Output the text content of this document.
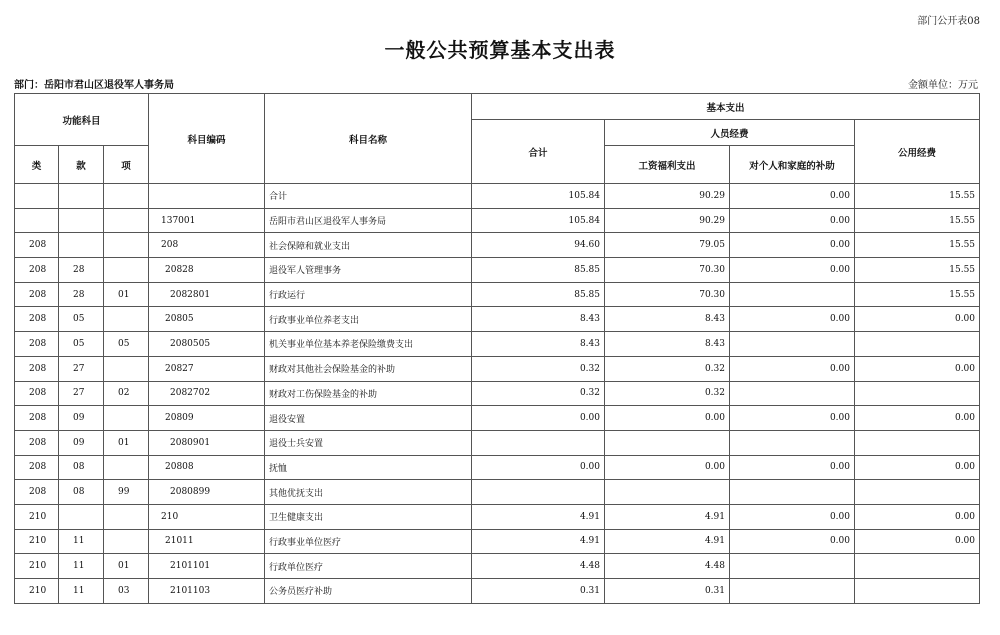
部门公开表08
一般公共预算基本支出表
部门：岳阳市君山区退役军人事务局	金额单位：万元
功能科目			科目编码	科目名称	基本支出			
					合计	人员经费		公用经费
类	款	项				工资福利支出	对个人和家庭的补助	
				合计	105.84	90.29	0.00	15.55
			137001	岳阳市君山区退役军人事务局	105.84	90.29	0.00	15.55
208			208	社会保障和就业支出	94.60	79.05	0.00	15.55
208	28		20828	退役军人管理事务	85.85	70.30	0.00	15.55
208	28	01	2082801	行政运行	85.85	70.30		15.55
208	05		20805	行政事业单位养老支出	8.43	8.43	0.00	0.00
208	05	05	2080505	机关事业单位基本养老保险缴费支出	8.43	8.43		
208	27		20827	财政对其他社会保险基金的补助	0.32	0.32	0.00	0.00
208	27	02	2082702	财政对工伤保险基金的补助	0.32	0.32		
208	09		20809	退役安置	0.00	0.00	0.00	0.00
208	09	01	2080901	退役士兵安置				
208	08		20808	抚恤	0.00	0.00	0.00	0.00
208	08	99	2080899	其他优抚支出				
210			210	卫生健康支出	4.91	4.91	0.00	0.00
210	11		21011	行政事业单位医疗	4.91	4.91	0.00	0.00
210	11	01	2101101	行政单位医疗	4.48	4.48		
210	11	03	2101103	公务员医疗补助	0.31	0.31		
